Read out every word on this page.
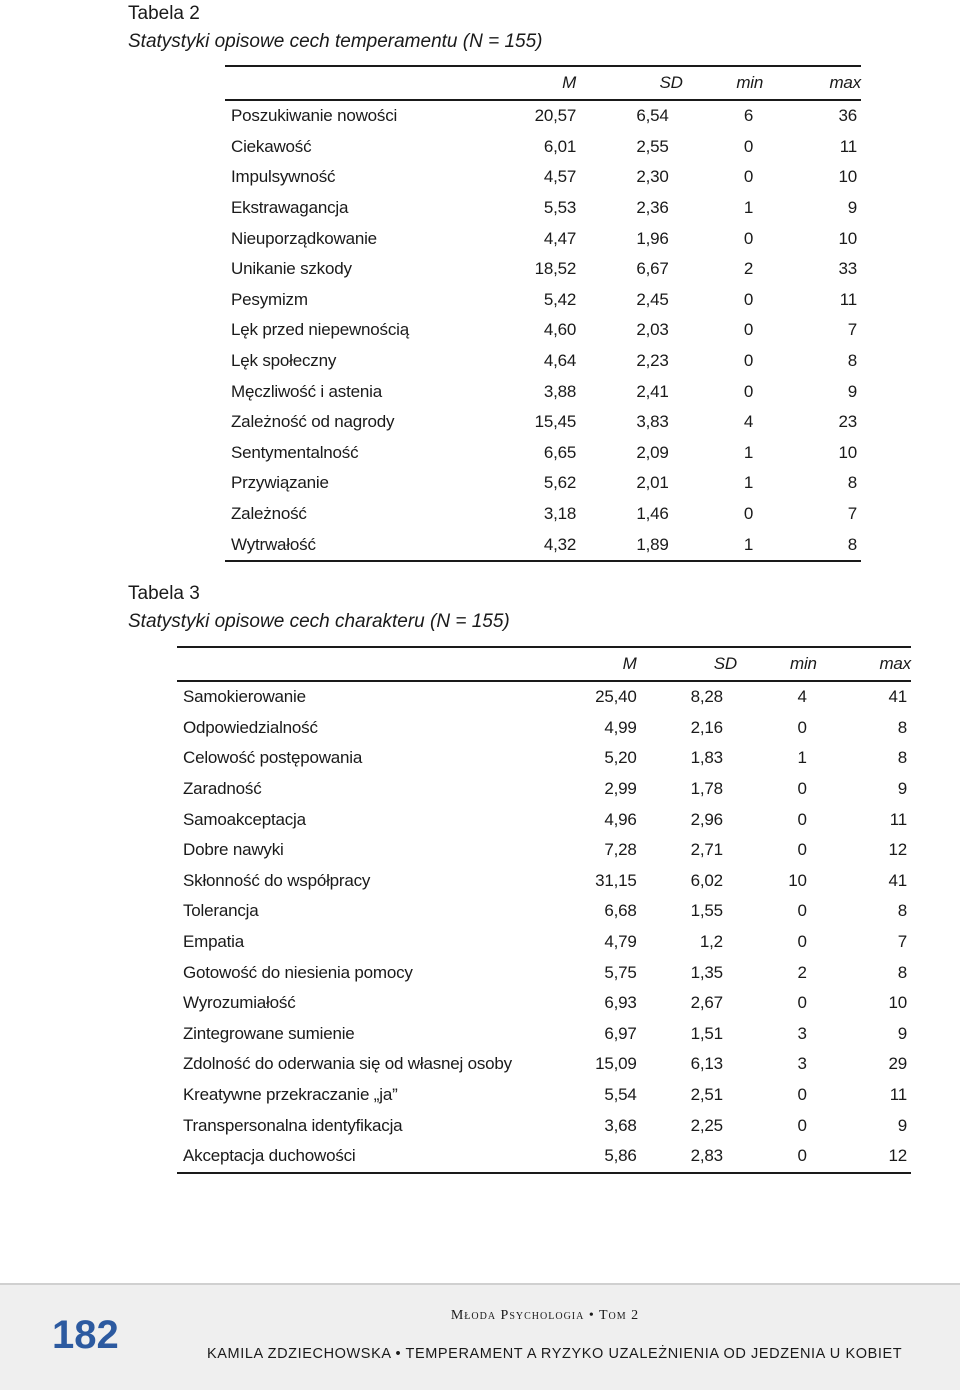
Tabela 2
Statystyki opisowe cech temperamentu (N = 155)
	M	SD	min	max
Poszukiwanie nowości	20,57	6,54	6	36
Ciekawość	6,01	2,55	0	11
Impulsywność	4,57	2,30	0	10
Ekstrawagancja	5,53	2,36	1	9
Nieuporządkowanie	4,47	1,96	0	10
Unikanie szkody	18,52	6,67	2	33
Pesymizm	5,42	2,45	0	11
Lęk przed niepewnością	4,60	2,03	0	7
Lęk społeczny	4,64	2,23	0	8
Męczliwość i astenia	3,88	2,41	0	9
Zależność od nagrody	15,45	3,83	4	23
Sentymentalność	6,65	2,09	1	10
Przywiązanie	5,62	2,01	1	8
Zależność	3,18	1,46	0	7
Wytrwałość	4,32	1,89	1	8
Tabela 3
Statystyki opisowe cech charakteru (N = 155)
	M	SD	min	max
Samokierowanie	25,40	8,28	4	41
Odpowiedzialność	4,99	2,16	0	8
Celowość postępowania	5,20	1,83	1	8
Zaradność	2,99	1,78	0	9
Samoakceptacja	4,96	2,96	0	11
Dobre nawyki	7,28	2,71	0	12
Skłonność do współpracy	31,15	6,02	10	41
Tolerancja	6,68	1,55	0	8
Empatia	4,79	1,2	0	7
Gotowość do niesienia pomocy	5,75	1,35	2	8
Wyrozumiałość	6,93	2,67	0	10
Zintegrowane sumienie	6,97	1,51	3	9
Zdolność do oderwania się od własnej osoby	15,09	6,13	3	29
Kreatywne przekraczanie „ja”	5,54	2,51	0	11
Transpersonalna identyfikacja	3,68	2,25	0	9
Akceptacja duchowości	5,86	2,83	0	12
182	Młoda Psychologia • Tom 2
KAMILA ZDZIECHOWSKA • TEMPERAMENT A RYZYKO UZALEŻNIENIA OD JEDZENIA U KOBIET
